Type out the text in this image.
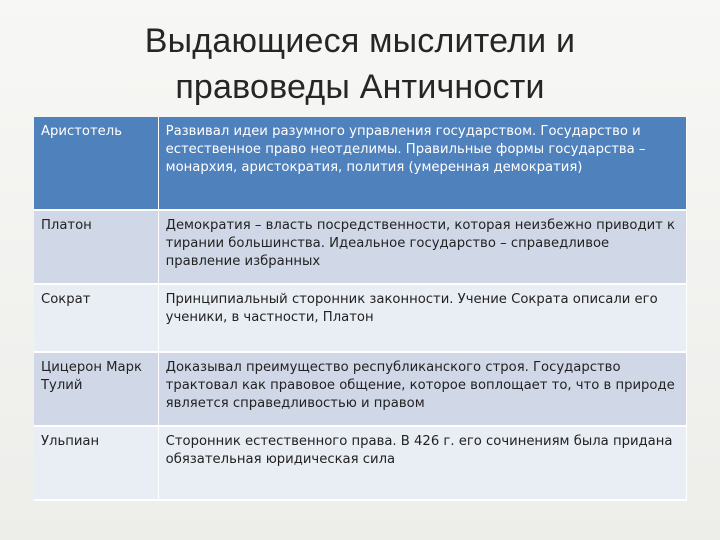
Выдающиеся мыслители и
правоведы Античности
Аристотель	Развивал идеи разумного управления государством. Государство и естественное право неотделимы. Правильные формы государства – монархия, аристократия, полития (умеренная демократия)
Платон	Демократия – власть посредственности, которая неизбежно приводит к тирании большинства. Идеальное государство – справедливое правление избранных
Сократ	Принципиальный сторонник законности. Учение Сократа описали его ученики, в частности, Платон
Цицерон Марк Тулий	Доказывал преимущество республиканского строя. Государство трактовал как правовое общение, которое воплощает то, что в природе является справедливостью и правом
Ульпиан	Сторонник естественного права. В 426 г. его сочинениям была придана обязательная юридическая сила
